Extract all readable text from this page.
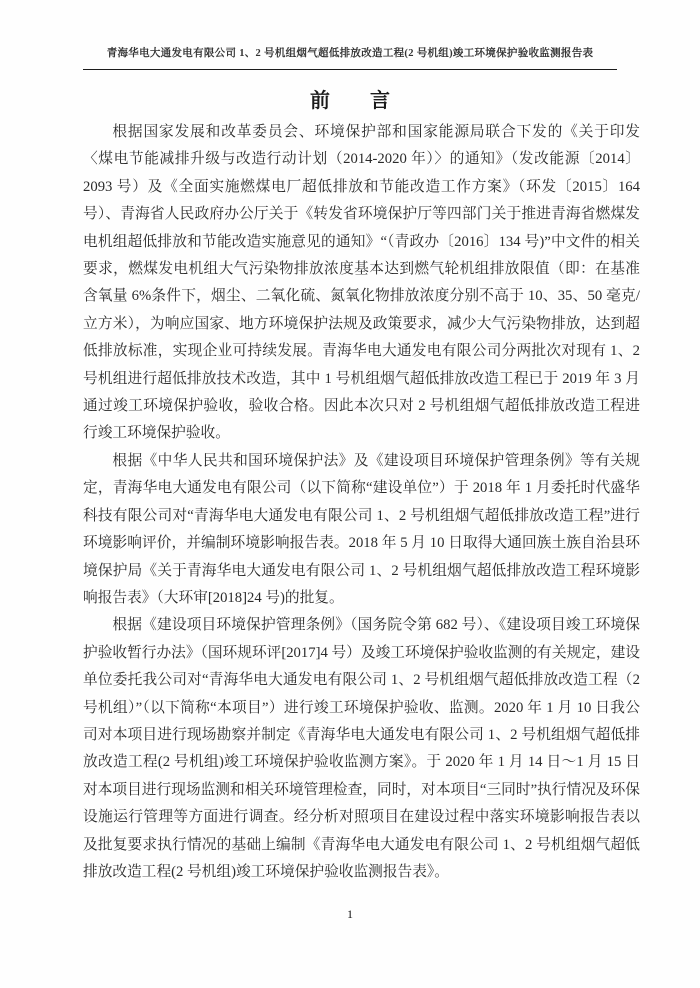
青海华电大通发电有限公司 1、2 号机组烟气超低排放改造工程(2 号机组)竣工环境保护验收监测报告表
前　　言

根据国家发展和改革委员会、环境保护部和国家能源局联合下发的《关于印发〈煤电节能减排升级与改造行动计划（2014-2020 年）〉的通知》（发改能源〔2014〕2093 号）及《全面实施燃煤电厂超低排放和节能改造工作方案》（环发〔2015〕164 号）、青海省人民政府办公厅关于《转发省环境保护厅等四部门关于推进青海省燃煤发电机组超低排放和节能改造实施意见的通知》“（青政办〔2016〕134 号)”中文件的相关要求，燃煤发电机组大气污染物排放浓度基本达到燃气轮机组排放限值（即：在基准含氧量 6%条件下，烟尘、二氧化硫、氮氧化物排放浓度分别不高于 10、35、50 毫克/立方米），为响应国家、地方环境保护法规及政策要求，减少大气污染物排放，达到超低排放标准，实现企业可持续发展。青海华电大通发电有限公司分两批次对现有 1、2 号机组进行超低排放技术改造，其中 1 号机组烟气超低排放改造工程已于 2019 年 3 月通过竣工环境保护验收，验收合格。因此本次只对 2 号机组烟气超低排放改造工程进行竣工环境保护验收。

根据《中华人民共和国环境保护法》及《建设项目环境保护管理条例》等有关规定，青海华电大通发电有限公司（以下简称“建设单位”）于 2018 年 1 月委托时代盛华科技有限公司对“青海华电大通发电有限公司 1、2 号机组烟气超低排放改造工程”进行环境影响评价，并编制环境影响报告表。2018 年 5 月 10 日取得大通回族土族自治县环境保护局《关于青海华电大通发电有限公司 1、2 号机组烟气超低排放改造工程环境影响报告表》（大环审[2018]24 号)的批复。

根据《建设项目环境保护管理条例》（国务院令第 682 号）、《建设项目竣工环境保护验收暂行办法》（国环规环评[2017]4 号）及竣工环境保护验收监测的有关规定，建设单位委托我公司对“青海华电大通发电有限公司 1、2 号机组烟气超低排放改造工程（2 号机组）”（以下简称“本项目”）进行竣工环境保护验收、监测。2020 年 1 月 10 日我公司对本项目进行现场勘察并制定《青海华电大通发电有限公司 1、2 号机组烟气超低排放改造工程(2 号机组)竣工环境保护验收监测方案》。于 2020 年 1 月 14 日～1 月 15 日对本项目进行现场监测和相关环境管理检查，同时，对本项目“三同时”执行情况及环保设施运行管理等方面进行调查。经分析对照项目在建设过程中落实环境影响报告表以及批复要求执行情况的基础上编制《青海华电大通发电有限公司 1、2 号机组烟气超低排放改造工程(2 号机组)竣工环境保护验收监测报告表》。

1
